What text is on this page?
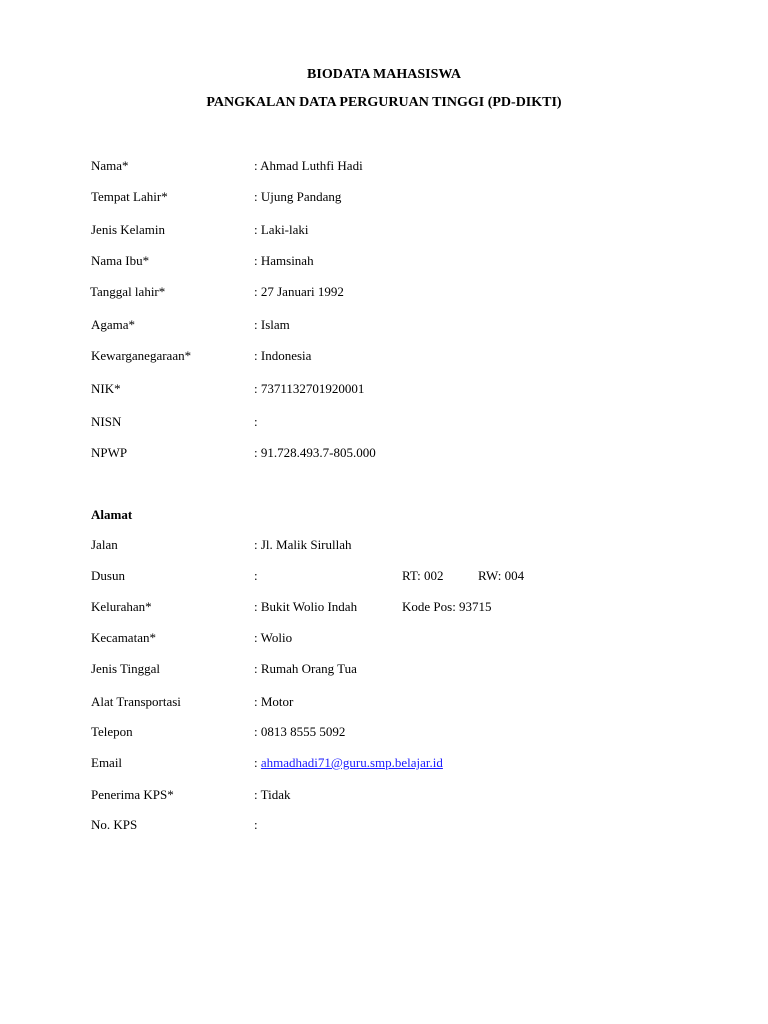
BIODATA MAHASISWA
PANGKALAN DATA PERGURUAN TINGGI (PD-DIKTI)
Nama*	: Ahmad Luthfi Hadi
Tempat Lahir*	: Ujung Pandang
Jenis Kelamin	: Laki-laki
Nama Ibu*	: Hamsinah
Tanggal lahir*	: 27 Januari 1992
Agama*	: Islam
Kewarganegaraan*	: Indonesia
NIK*	: 7371132701920001
NISN	:
NPWP	: 91.728.493.7-805.000
Alamat
Jalan	: Jl. Malik Sirullah
Dusun	:	RT: 002	RW: 004
Kelurahan*	: Bukit Wolio Indah	Kode Pos: 93715
Kecamatan*	: Wolio
Jenis Tinggal	: Rumah Orang Tua
Alat Transportasi	: Motor
Telepon	: 0813 8555 5092
Email	: ahmadhadi71@guru.smp.belajar.id
Penerima KPS*	: Tidak
No. KPS	:
